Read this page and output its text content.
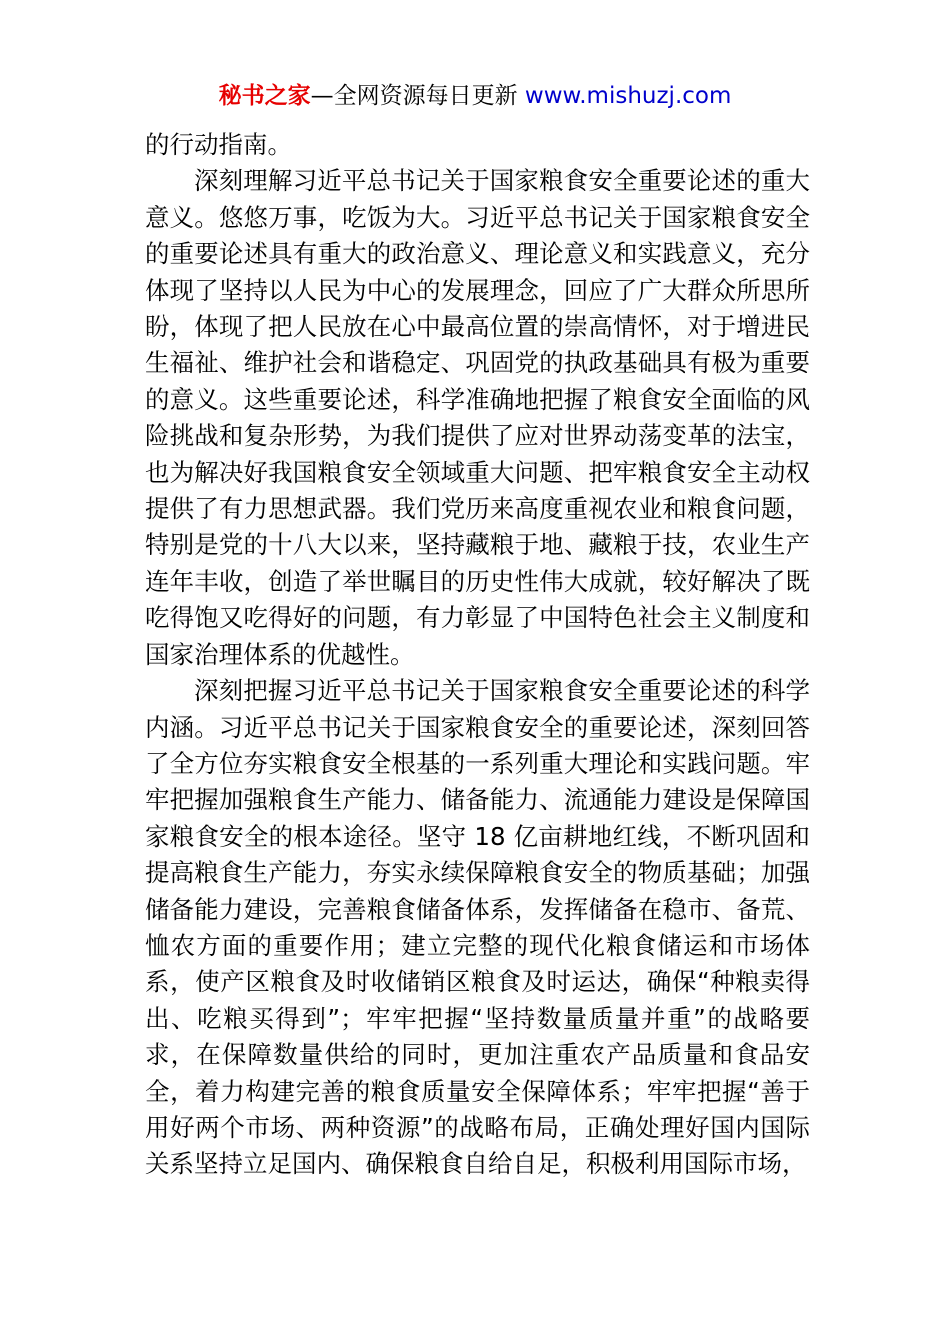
秘书之家—全网资源每日更新 www.mishuzj.com

的行动指南。

深刻理解习近平总书记关于国家粮食安全重要论述的重大意义。悠悠万事，吃饭为大。习近平总书记关于国家粮食安全的重要论述具有重大的政治意义、理论意义和实践意义，充分体现了坚持以人民为中心的发展理念，回应了广大群众所思所盼，体现了把人民放在心中最高位置的崇高情怀，对于增进民生福祉、维护社会和谐稳定、巩固党的执政基础具有极为重要的意义。这些重要论述，科学准确地把握了粮食安全面临的风险挑战和复杂形势，为我们提供了应对世界动荡变革的法宝，也为解决好我国粮食安全领域重大问题、把牢粮食安全主动权提供了有力思想武器。我们党历来高度重视农业和粮食问题，特别是党的十八大以来，坚持藏粮于地、藏粮于技，农业生产连年丰收，创造了举世瞩目的历史性伟大成就，较好解决了既吃得饱又吃得好的问题，有力彰显了中国特色社会主义制度和国家治理体系的优越性。

深刻把握习近平总书记关于国家粮食安全重要论述的科学内涵。习近平总书记关于国家粮食安全的重要论述，深刻回答了全方位夯实粮食安全根基的一系列重大理论和实践问题。牢牢把握加强粮食生产能力、储备能力、流通能力建设是保障国家粮食安全的根本途径。坚守 18 亿亩耕地红线，不断巩固和提高粮食生产能力，夯实永续保障粮食安全的物质基础；加强储备能力建设，完善粮食储备体系，发挥储备在稳市、备荒、恤农方面的重要作用；建立完整的现代化粮食储运和市场体系，使产区粮食及时收储销区粮食及时运达，确保“种粮卖得出、吃粮买得到”；牢牢把握“坚持数量质量并重”的战略要求，在保障数量供给的同时，更加注重农产品质量和食品安全，着力构建完善的粮食质量安全保障体系；牢牢把握“善于用好两个市场、两种资源”的战略布局，正确处理好国内国际关系坚持立足国内、确保粮食自给自足，积极利用国际市场，
